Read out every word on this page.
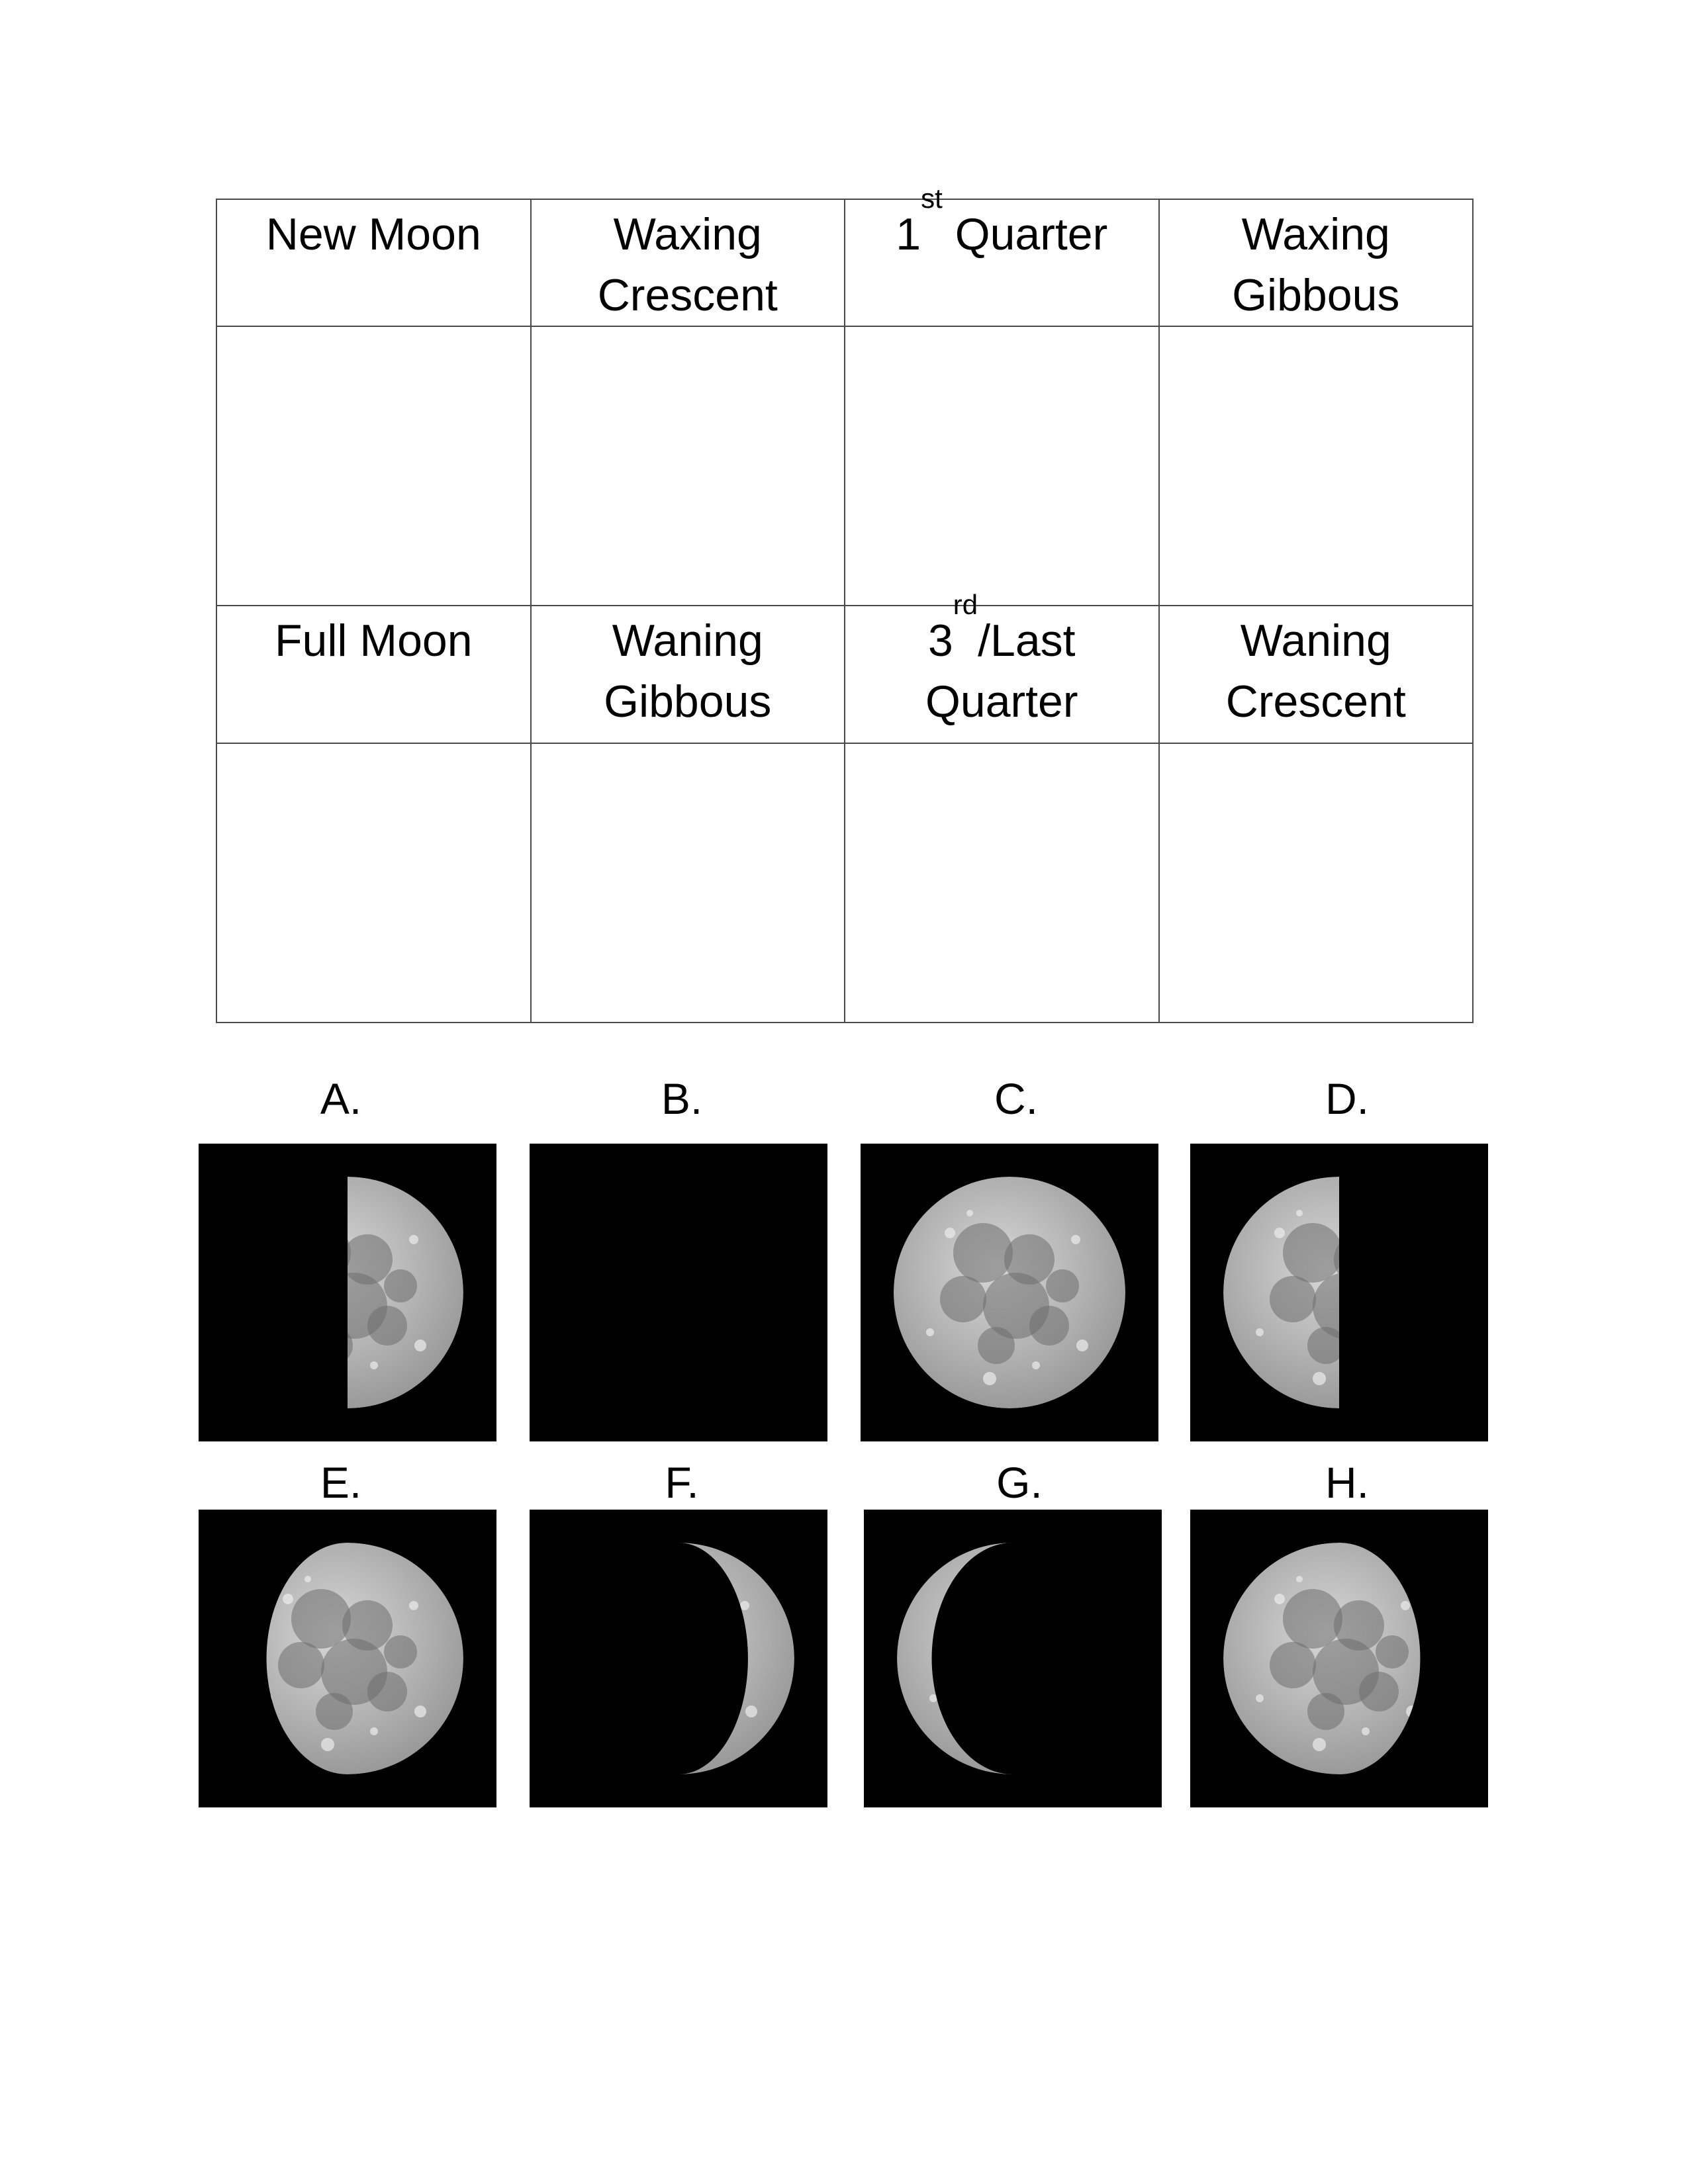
New Moon	Waxing Crescent	1st Quarter	Waxing Gibbous

Full Moon	Waning Gibbous	3rd/Last Quarter	Waning Crescent

A.	B.	C.	D.
E.	F.	G.	H.
